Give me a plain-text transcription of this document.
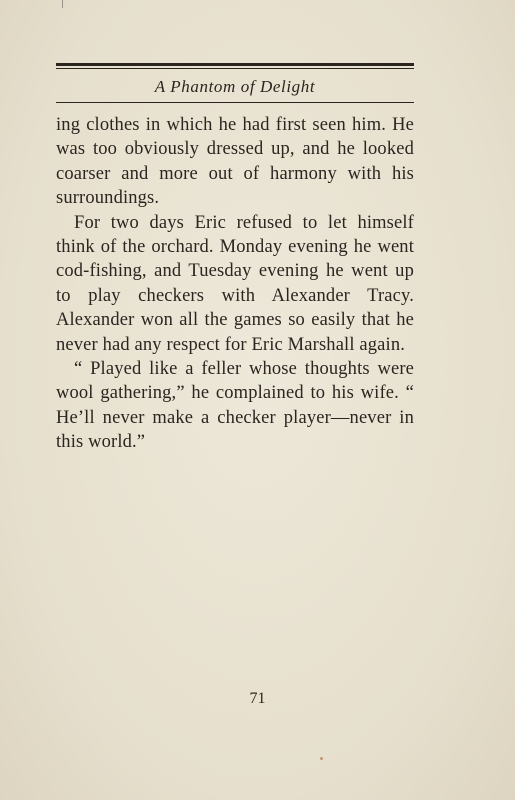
A Phantom of Delight

ing clothes in which he had first seen him. He was too obviously dressed up, and he looked coarser and more out of harmony with his surroundings.

For two days Eric refused to let himself think of the orchard. Monday evening he went cod-fishing, and Tuesday evening he went up to play checkers with Alexander Tracy. Alexander won all the games so easily that he never had any respect for Eric Marshall again.

“ Played like a feller whose thoughts were wool gathering,” he complained to his wife. “ He’ll never make a checker player—never in this world.”

71
